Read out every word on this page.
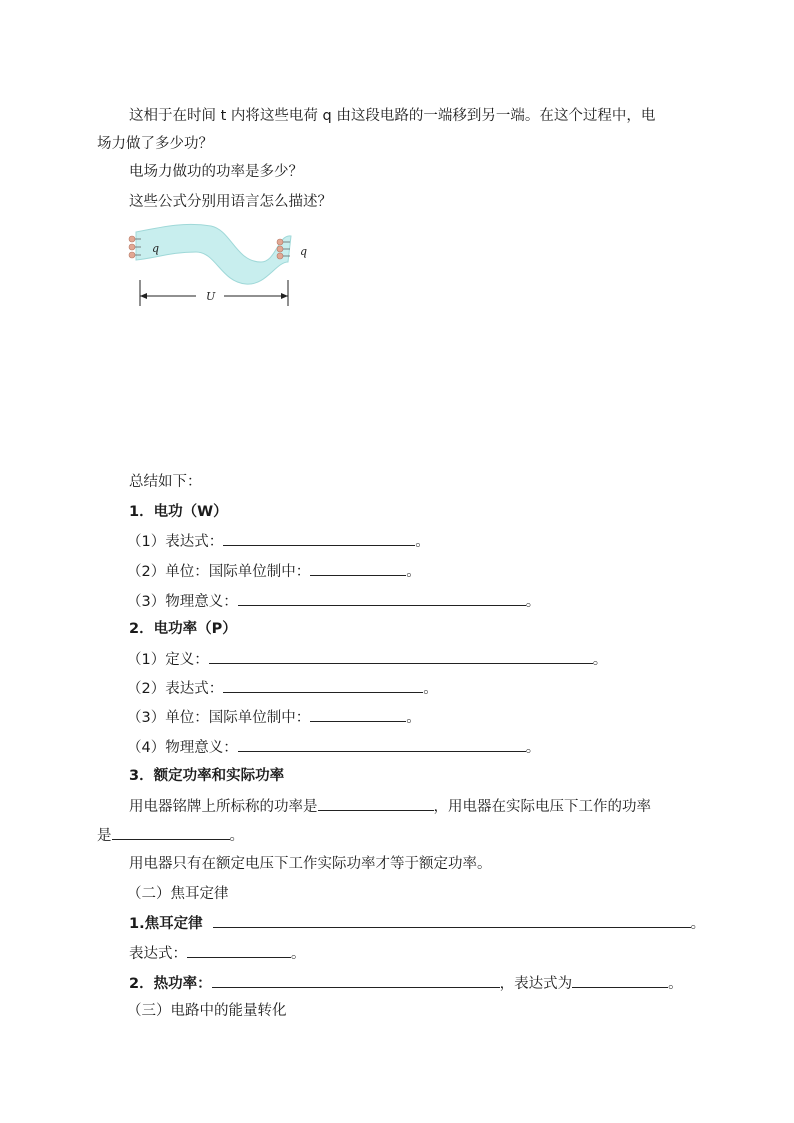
这相于在时间 t 内将这些电荷 q 由这段电路的一端移到另一端。在这个过程中，电
场力做了多少功？
电场力做功的功率是多少？
这些公式分别用语言怎么描述？
q	q
U
总结如下：
1．电功（W）
（1）表达式：	。
（2）单位：国际单位制中：	。
（3）物理意义：	。
2．电功率（P）
（1）定义：	。
（2）表达式：	。
（3）单位：国际单位制中：	。
（4）物理意义：	。
3．额定功率和实际功率
用电器铭牌上所标称的功率是	，用电器在实际电压下工作的功率
是	。
用电器只有在额定电压下工作实际功率才等于额定功率。
（二）焦耳定律
1.焦耳定律	。
表达式：	。
2．热功率：	，表达式为	。
（三）电路中的能量转化
